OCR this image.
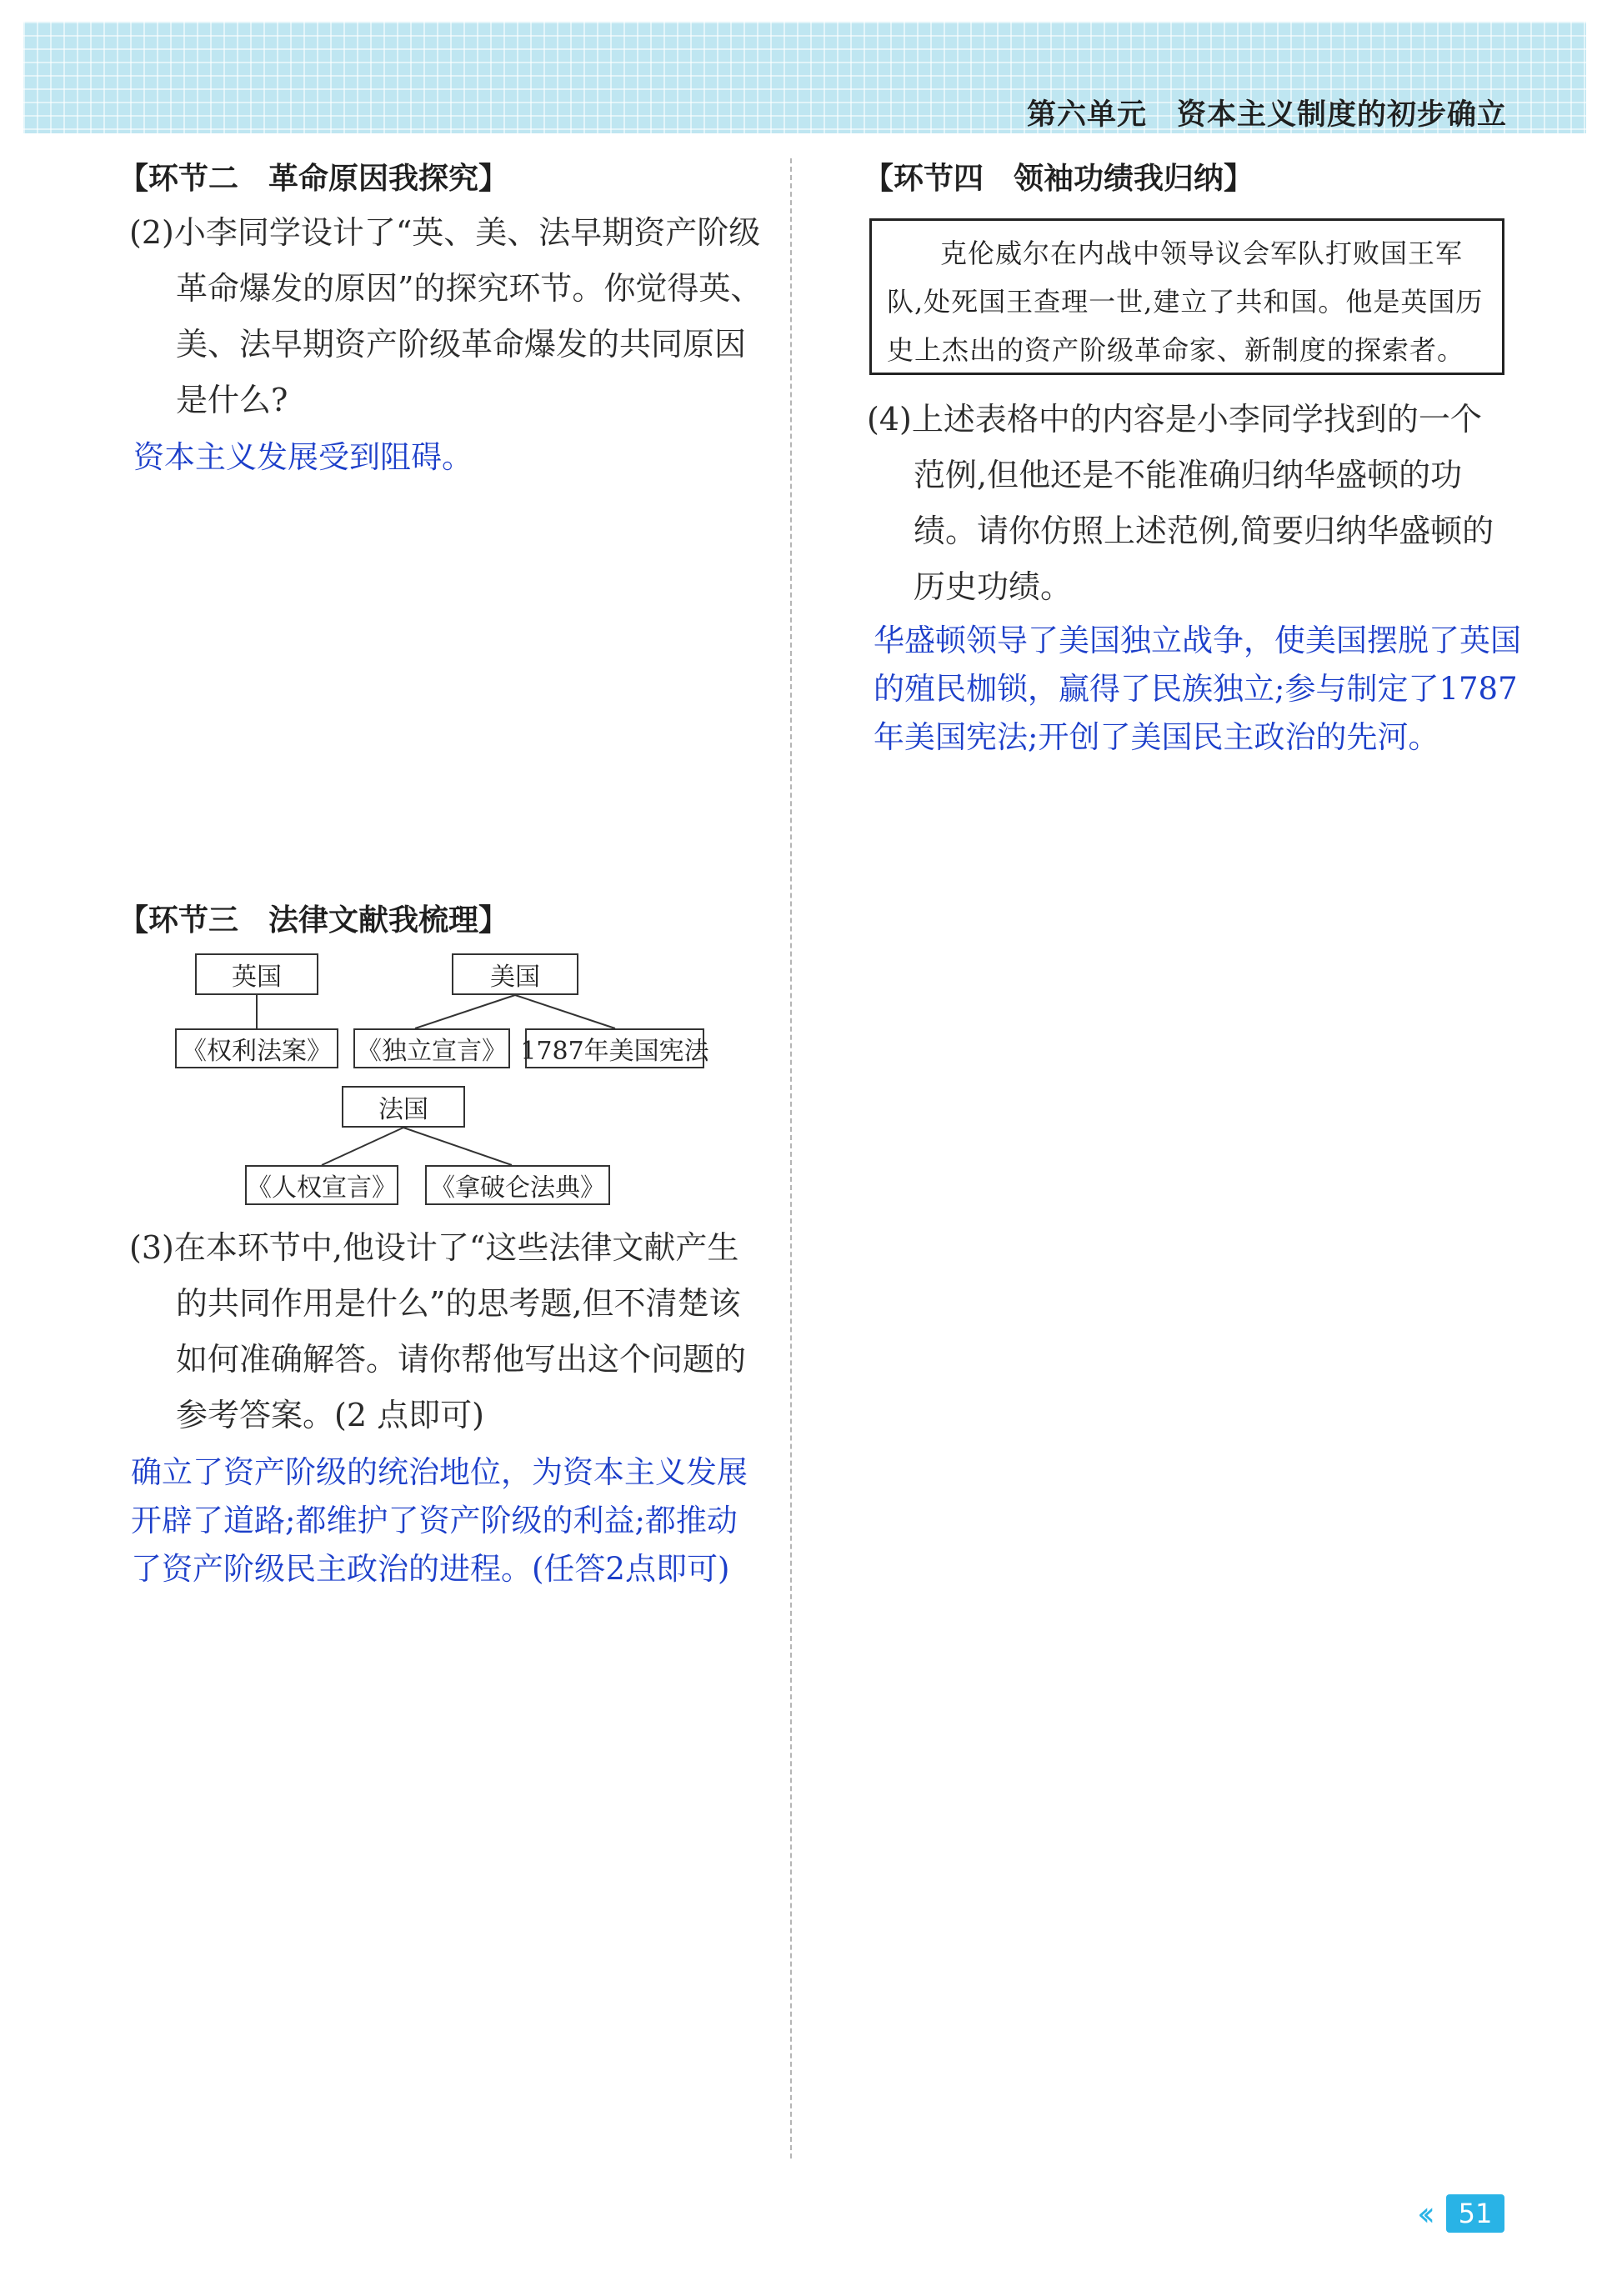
第六单元　资本主义制度的初步确立
【环节二　革命原因我探究】
(2)小李同学设计了“英、美、法早期资产阶级革命爆发的原因”的探究环节。你觉得英、美、法早期资产阶级革命爆发的共同原因是什么?
资本主义发展受到阻碍。
【环节三　法律文献我梳理】
英国	美国
《权利法案》 《独立宣言》 1787年美国宪法
法国
《人权宣言》 《拿破仑法典》
(3)在本环节中,他设计了“这些法律文献产生的共同作用是什么”的思考题,但不清楚该如何准确解答。请你帮他写出这个问题的参考答案。(2 点即可)
确立了资产阶级的统治地位，为资本主义发展开辟了道路;都维护了资产阶级的利益;都推动了资产阶级民主政治的进程。(任答2点即可)
【环节四　领袖功绩我归纳】
克伦威尔在内战中领导议会军队打败国王军队,处死国王查理一世,建立了共和国。他是英国历史上杰出的资产阶级革命家、新制度的探索者。
(4)上述表格中的内容是小李同学找到的一个范例,但他还是不能准确归纳华盛顿的功绩。请你仿照上述范例,简要归纳华盛顿的历史功绩。
华盛顿领导了美国独立战争，使美国摆脱了英国的殖民枷锁，赢得了民族独立;参与制定了1787年美国宪法;开创了美国民主政治的先河。
‹‹	51
